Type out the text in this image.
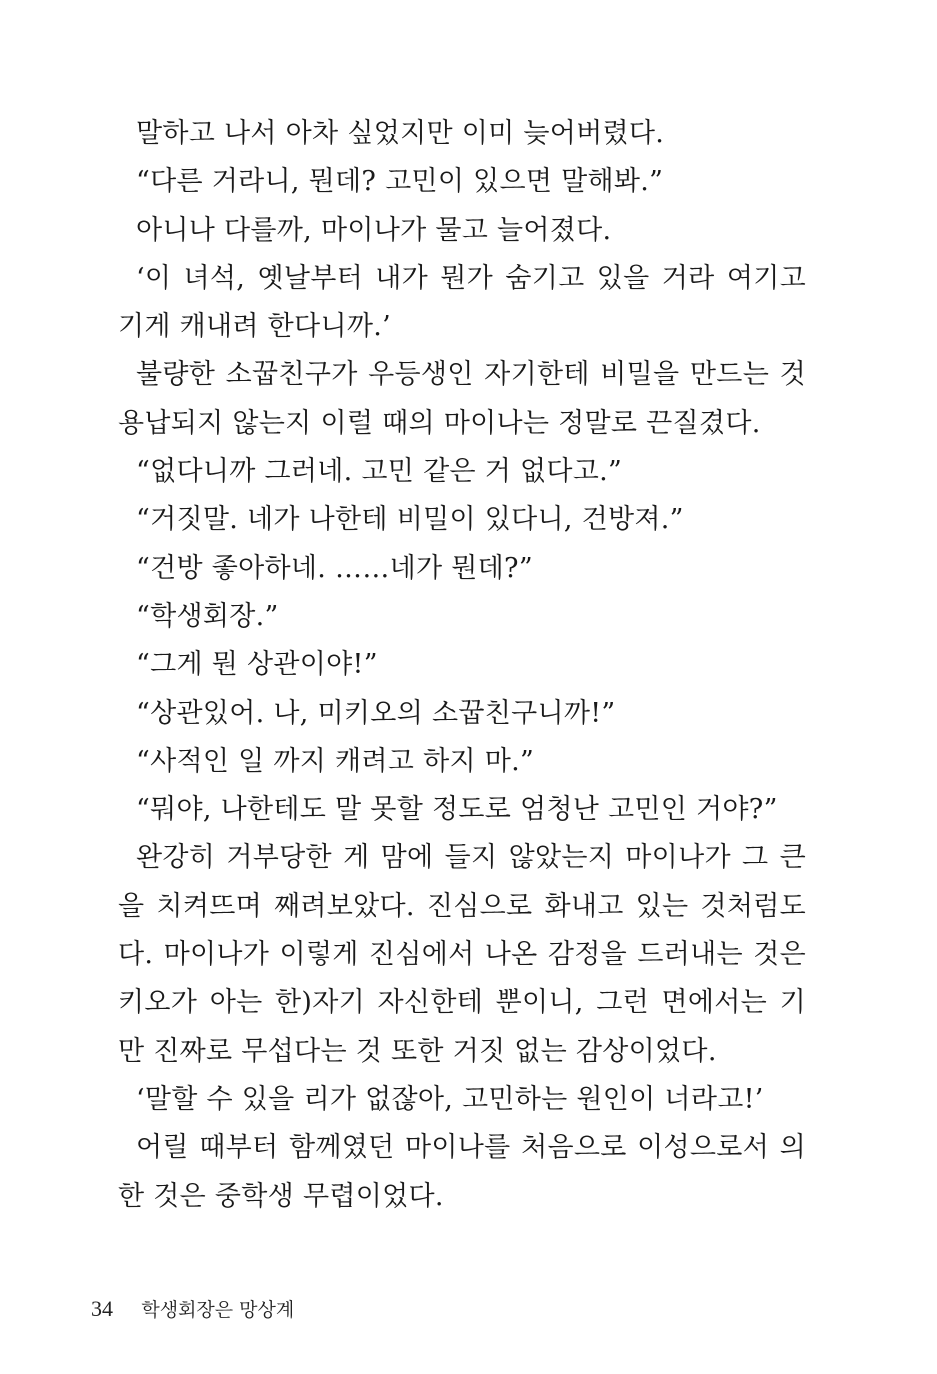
말하고 나서 아차 싶었지만 이미 늦어버렸다.
“다른 거라니, 뭔데? 고민이 있으면 말해봐.”
아니나 다를까, 마이나가 물고 늘어졌다.
‘이 녀석, 옛날부터 내가 뭔가 숨기고 있을 거라 여기고
기게 캐내려 한다니까.’
불량한 소꿉친구가 우등생인 자기한테 비밀을 만드는 것
용납되지 않는지 이럴 때의 마이나는 정말로 끈질겼다.
“없다니까 그러네. 고민 같은 거 없다고.”
“거짓말. 네가 나한테 비밀이 있다니, 건방져.”
“건방 좋아하네. ……네가 뭔데?”
“학생회장.”
“그게 뭔 상관이야!”
“상관있어. 나, 미키오의 소꿉친구니까!”
“사적인 일 까지 캐려고 하지 마.”
“뭐야, 나한테도 말 못할 정도로 엄청난 고민인 거야?”
완강히 거부당한 게 맘에 들지 않았는지 마이나가 그 큰
을 치켜뜨며 째려보았다. 진심으로 화내고 있는 것처럼도
다. 마이나가 이렇게 진심에서 나온 감정을 드러내는 것은
키오가 아는 한)자기 자신한테 뿐이니, 그런 면에서는 기
만 진짜로 무섭다는 것 또한 거짓 없는 감상이었다.
‘말할 수 있을 리가 없잖아, 고민하는 원인이 너라고!’
어릴 때부터 함께였던 마이나를 처음으로 이성으로서 의
한 것은 중학생 무렵이었다.
34 학생회장은 망상계
